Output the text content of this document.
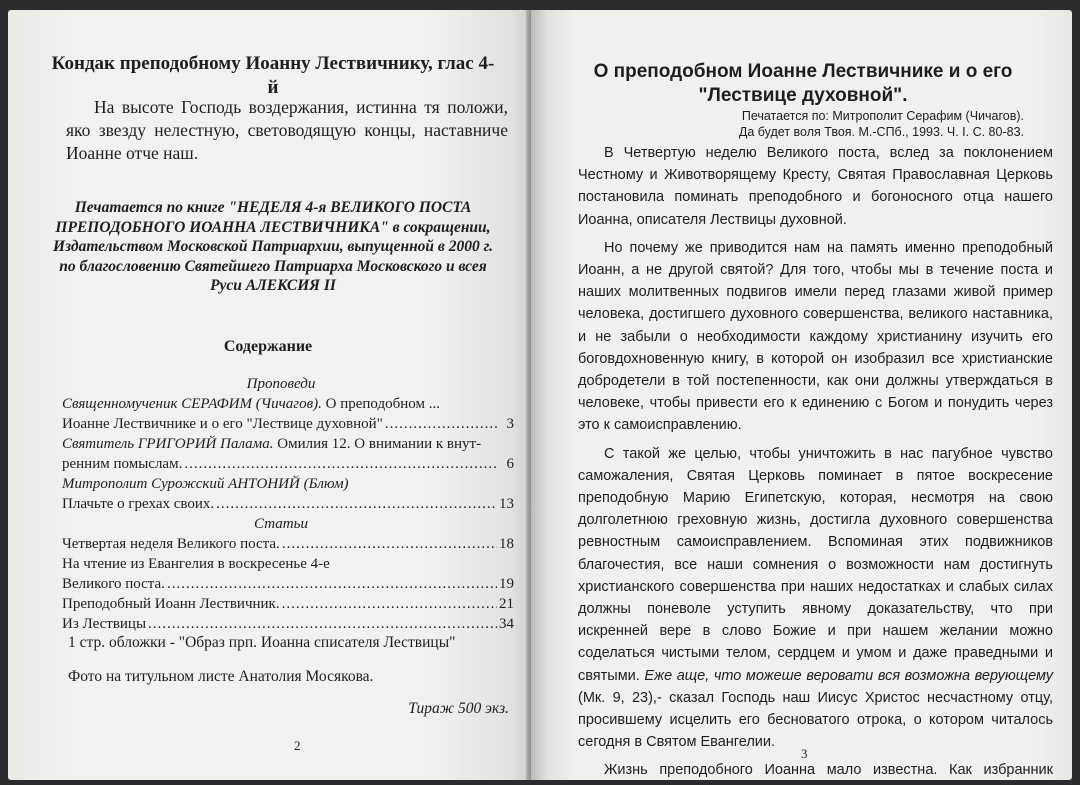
Кондак преподобному Иоанну Лествичнику, глас 4-й
На высоте Господь воздержания, истинна тя положи, яко звезду нелестную, световодящую концы, наставниче Иоанне отче наш.
Печатается по книге "НЕДЕЛЯ 4-я ВЕЛИКОГО ПОСТА ПРЕПОДОБНОГО ИОАННА ЛЕСТВИЧНИКА" в сокращении, Издательством Московской Патриархии, выпущенной в 2000 г. по благословению Святейшего Патриарха Московского и всея Руси АЛЕКСИЯ II
Содержание
Проповеди
Священномученик СЕРАФИМ (Чичагов).
О преподобном ...
Иоанне Лествичнике и о его "Лествице духовной" .....	3
Святитель ГРИГОРИЙ Палама.
Омилия 12. О внимании к внут-
ренним помыслам. .....	6
Митрополит Сурожский АНТОНИЙ (Блюм)
Плачьте о грехах своих. .....	13
Статьи
Четвертая неделя Великого поста. .....	18
На чтение из Евангелия в воскресенье 4-е
Великого поста. .....	19
Преподобный Иоанн Лествичник. .....	21
Из Лествицы .....	34
1 стр. обложки - "Образ прп. Иоанна списателя Лествицы"
Фото на титульном листе Анатолия Мосякова.
Тираж 500 экз.
2
О преподобном Иоанне Лествичнике и о его "Лествице духовной".
Печатается по: Митрополит Серафим (Чичагов).
Да будет воля Твоя. М.-СПб., 1993. Ч. I. С. 80-83.

В Четвертую неделю Великого поста, вслед за поклонением Честному и Животворящему Кресту, Святая Православная Церковь постановила поминать преподобного и богоносного отца нашего Иоанна, описателя Лествицы духовной.

Но почему же приводится нам на память именно преподобный Иоанн, а не другой святой? Для того, чтобы мы в течение поста и наших молитвенных подвигов имели перед глазами живой пример человека, достигшего духовного совершенства, великого наставника, и не забыли о необходимости каждому христианину изучить его боговдохновенную книгу, в которой он изобразил все христианские добродетели в той постепенности, как они должны утверждаться в человеке, чтобы привести его к единению с Богом и понудить через это к самоисправлению.

С такой же целью, чтобы уничтожить в нас пагубное чувство саможаления, Святая Церковь поминает в пятое воскресение преподобную Марию Египетскую, которая, несмотря на свою долголетнюю греховную жизнь, достигла духовного совершенства ревностным самоисправлением. Вспоминая этих подвижников благочестия, все наши сомнения о возможности нам достигнуть христианского совершенства при наших недостатках и слабых силах должны поневоле уступить явному доказательству, что при искренней вере в слово Божие и при нашем желании можно соделаться чистыми телом, сердцем и умом и даже праведными и святыми. Еже аще, что можеше веровати вся возможна верующему (Мк. 9, 23),- сказал Господь наш Иисус Христос несчастному отцу, просившему исцелить его бесноватого отрока, о котором читалось сегодня в Святом Евангелии.

Жизнь преподобного Иоанна мало известна. Как избранник

3
